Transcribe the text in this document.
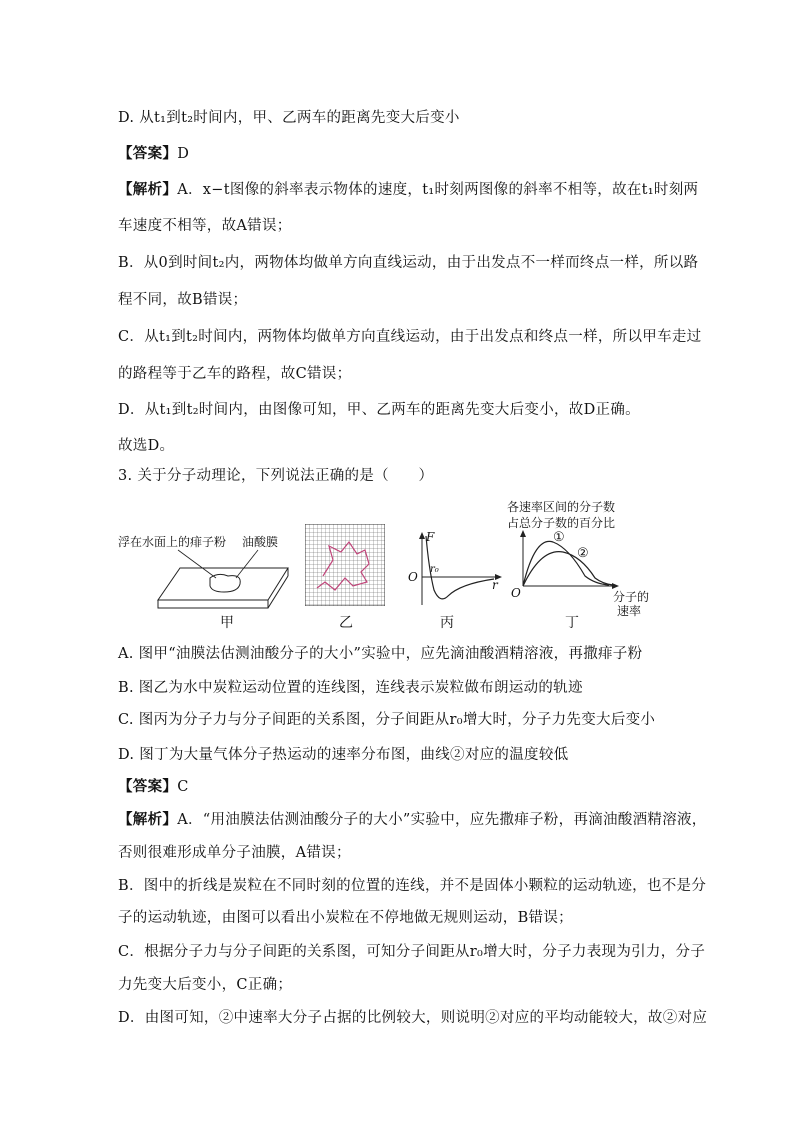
D. 从t₁到t₂时间内，甲、乙两车的距离先变大后变小
【答案】D
【解析】A．x−t图像的斜率表示物体的速度，t₁时刻两图像的斜率不相等，故在t₁时刻两
车速度不相等，故A错误；
B．从0到时间t₂内，两物体均做单方向直线运动，由于出发点不一样而终点一样，所以路
程不同，故B错误；
C．从t₁到t₂时间内，两物体均做单方向直线运动，由于出发点和终点一样，所以甲车走过
的路程等于乙车的路程，故C错误；
D．从t₁到t₂时间内，由图像可知，甲、乙两车的距离先变大后变小，故D正确。
故选D。
3. 关于分子动理论，下列说法正确的是（　　）
浮在水面上的痱子粉 油酸膜
甲	乙
F
O
r₀
r
丙
各速率区间的分子数
占总分子数的百分比
①
②
O	分子的
速率
丁
A. 图甲“油膜法估测油酸分子的大小”实验中，应先滴油酸酒精溶液，再撒痱子粉
B. 图乙为水中炭粒运动位置的连线图，连线表示炭粒做布朗运动的轨迹
C. 图丙为分子力与分子间距的关系图，分子间距从r₀增大时，分子力先变大后变小
D. 图丁为大量气体分子热运动的速率分布图，曲线②对应的温度较低
【答案】C
【解析】A．“用油膜法估测油酸分子的大小”实验中，应先撒痱子粉，再滴油酸酒精溶液，
否则很难形成单分子油膜，A错误；
B．图中的折线是炭粒在不同时刻的位置的连线，并不是固体小颗粒的运动轨迹，也不是分
子的运动轨迹，由图可以看出小炭粒在不停地做无规则运动，B错误；
C．根据分子力与分子间距的关系图，可知分子间距从r₀增大时，分子力表现为引力，分子
力先变大后变小，C正确；
D．由图可知，②中速率大分子占据的比例较大，则说明②对应的平均动能较大，故②对应
